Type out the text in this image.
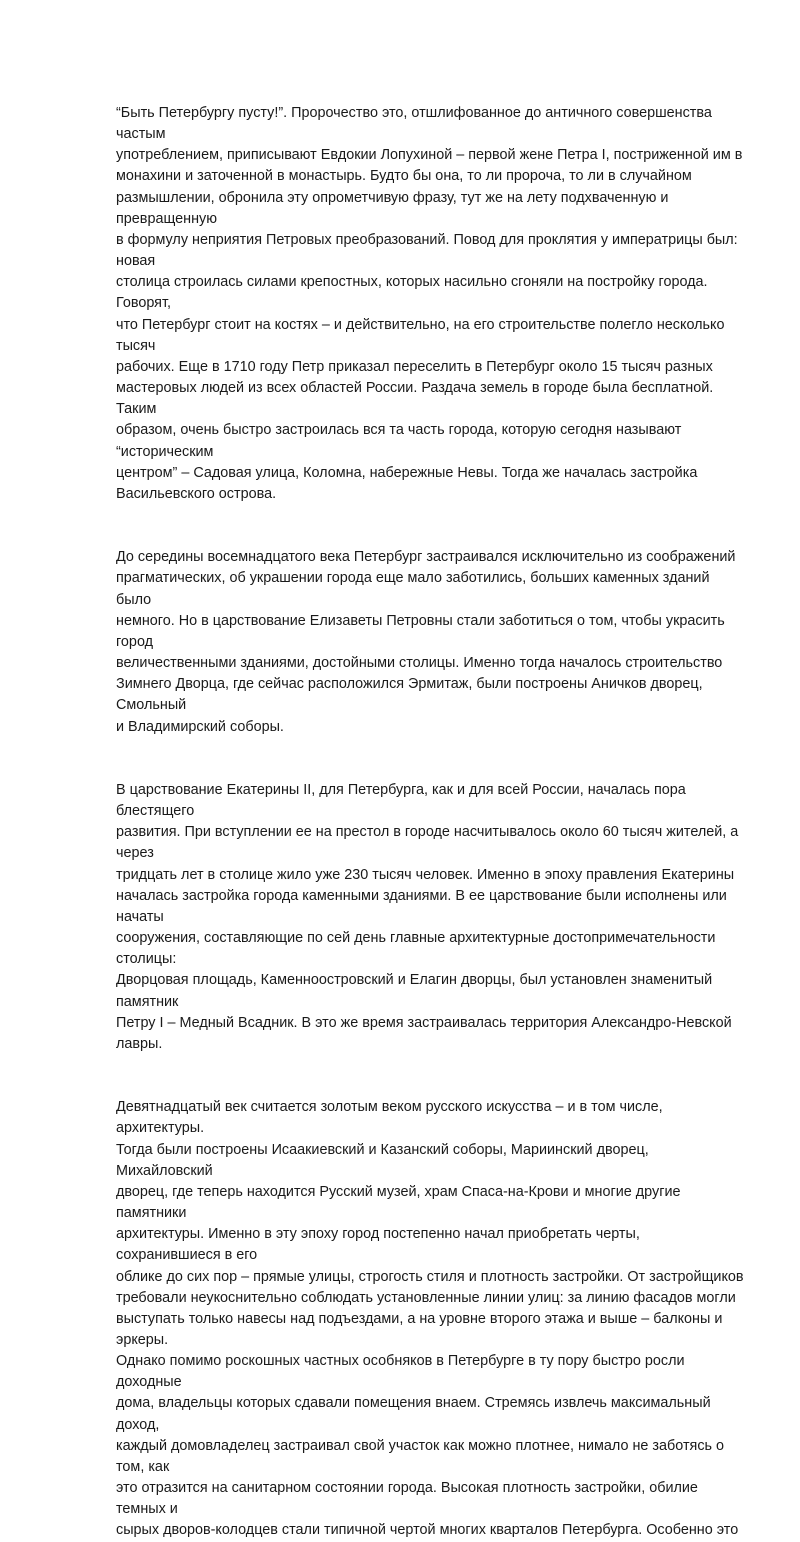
“Быть Петербургу пусту!”. Пророчество это, отшлифованное до античного совершенства частым
употреблением, приписывают Евдокии Лопухиной – первой жене Петра I, постриженной им в
монахини и заточенной в монастырь. Будто бы она, то ли пророча, то ли в случайном
размышлении, обронила эту опрометчивую фразу, тут же на лету подхваченную и превращенную
в формулу неприятия Петровых преобразований. Повод для проклятия у императрицы был: новая
столица строилась силами крепостных, которых насильно сгоняли на постройку города. Говорят,
что Петербург стоит на костях – и действительно, на его строительстве полегло несколько тысяч
рабочих. Еще в 1710 году Петр приказал переселить в Петербург около 15 тысяч разных
мастеровых людей из всех областей России. Раздача земель в городе была бесплатной. Таким
образом, очень быстро застроилась вся та часть города, которую сегодня называют “историческим
центром” – Садовая улица, Коломна, набережные Невы. Тогда же началась застройка
Васильевского острова.

До середины восемнадцатого века Петербург застраивался исключительно из соображений
прагматических, об украшении города еще мало заботились, больших каменных зданий было
немного. Но в царствование Елизаветы Петровны стали заботиться о том, чтобы украсить город
величественными зданиями, достойными столицы. Именно тогда началось строительство
Зимнего Дворца, где сейчас расположился Эрмитаж, были построены Аничков дворец, Смольный
и Владимирский соборы.

В царствование Екатерины II, для Петербурга, как и для всей России, началась пора блестящего
развития. При вступлении ее на престол в городе насчитывалось около 60 тысяч жителей, а через
тридцать лет в столице жило уже 230 тысяч человек. Именно в эпоху правления Екатерины
началась застройка города каменными зданиями. В ее царствование были исполнены или начаты
сооружения, составляющие по сей день главные архитектурные достопримечательности столицы:
Дворцовая площадь, Каменноостровский и Елагин дворцы, был установлен знаменитый памятник
Петру I – Медный Всадник. В это же время застраивалась территория Александро-Невской лавры.

Девятнадцатый век считается золотым веком русского искусства – и в том числе, архитектуры.
Тогда были построены Исаакиевский и Казанский соборы, Мариинский дворец, Михайловский
дворец, где теперь находится Русский музей, храм Спаса-на-Крови и многие другие памятники
архитектуры. Именно в эту эпоху город постепенно начал приобретать черты, сохранившиеся в его
облике до сих пор – прямые улицы, строгость стиля и плотность застройки. От застройщиков
требовали неукоснительно соблюдать установленные линии улиц: за линию фасадов могли
выступать только навесы над подъездами, а на уровне второго этажа и выше – балконы и эркеры.
Однако помимо роскошных частных особняков в Петербурге в ту пору быстро росли доходные
дома, владельцы которых сдавали помещения внаем. Стремясь извлечь максимальный доход,
каждый домовладелец застраивал свой участок как можно плотнее, нимало не заботясь о том, как
это отразится на санитарном состоянии города. Высокая плотность застройки, обилие темных и
сырых дворов-колодцев стали типичной чертой многих кварталов Петербурга. Особенно это
